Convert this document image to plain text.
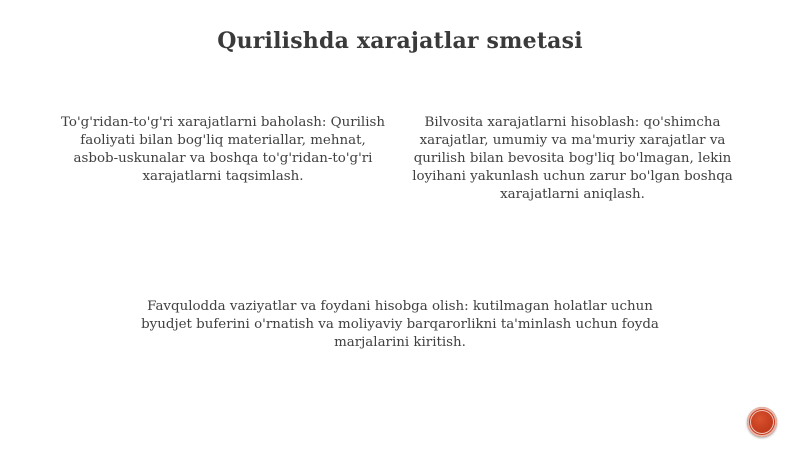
Qurilishda xarajatlar smetasi
To'g'ridan-to'g'ri xarajatlarni baholash: Qurilish faoliyati bilan bog'liq materiallar, mehnat, asbob-uskunalar va boshqa to'g'ridan-to'g'ri xarajatlarni taqsimlash.
Bilvosita xarajatlarni hisoblash: qo'shimcha xarajatlar, umumiy va ma'muriy xarajatlar va qurilish bilan bevosita bog'liq bo'lmagan, lekin loyihani yakunlash uchun zarur bo'lgan boshqa xarajatlarni aniqlash.
Favqulodda vaziyatlar va foydani hisobga olish: kutilmagan holatlar uchun byudjet buferini o'rnatish va moliyaviy barqarorlikni ta'minlash uchun foyda marjalarini kiritish.
